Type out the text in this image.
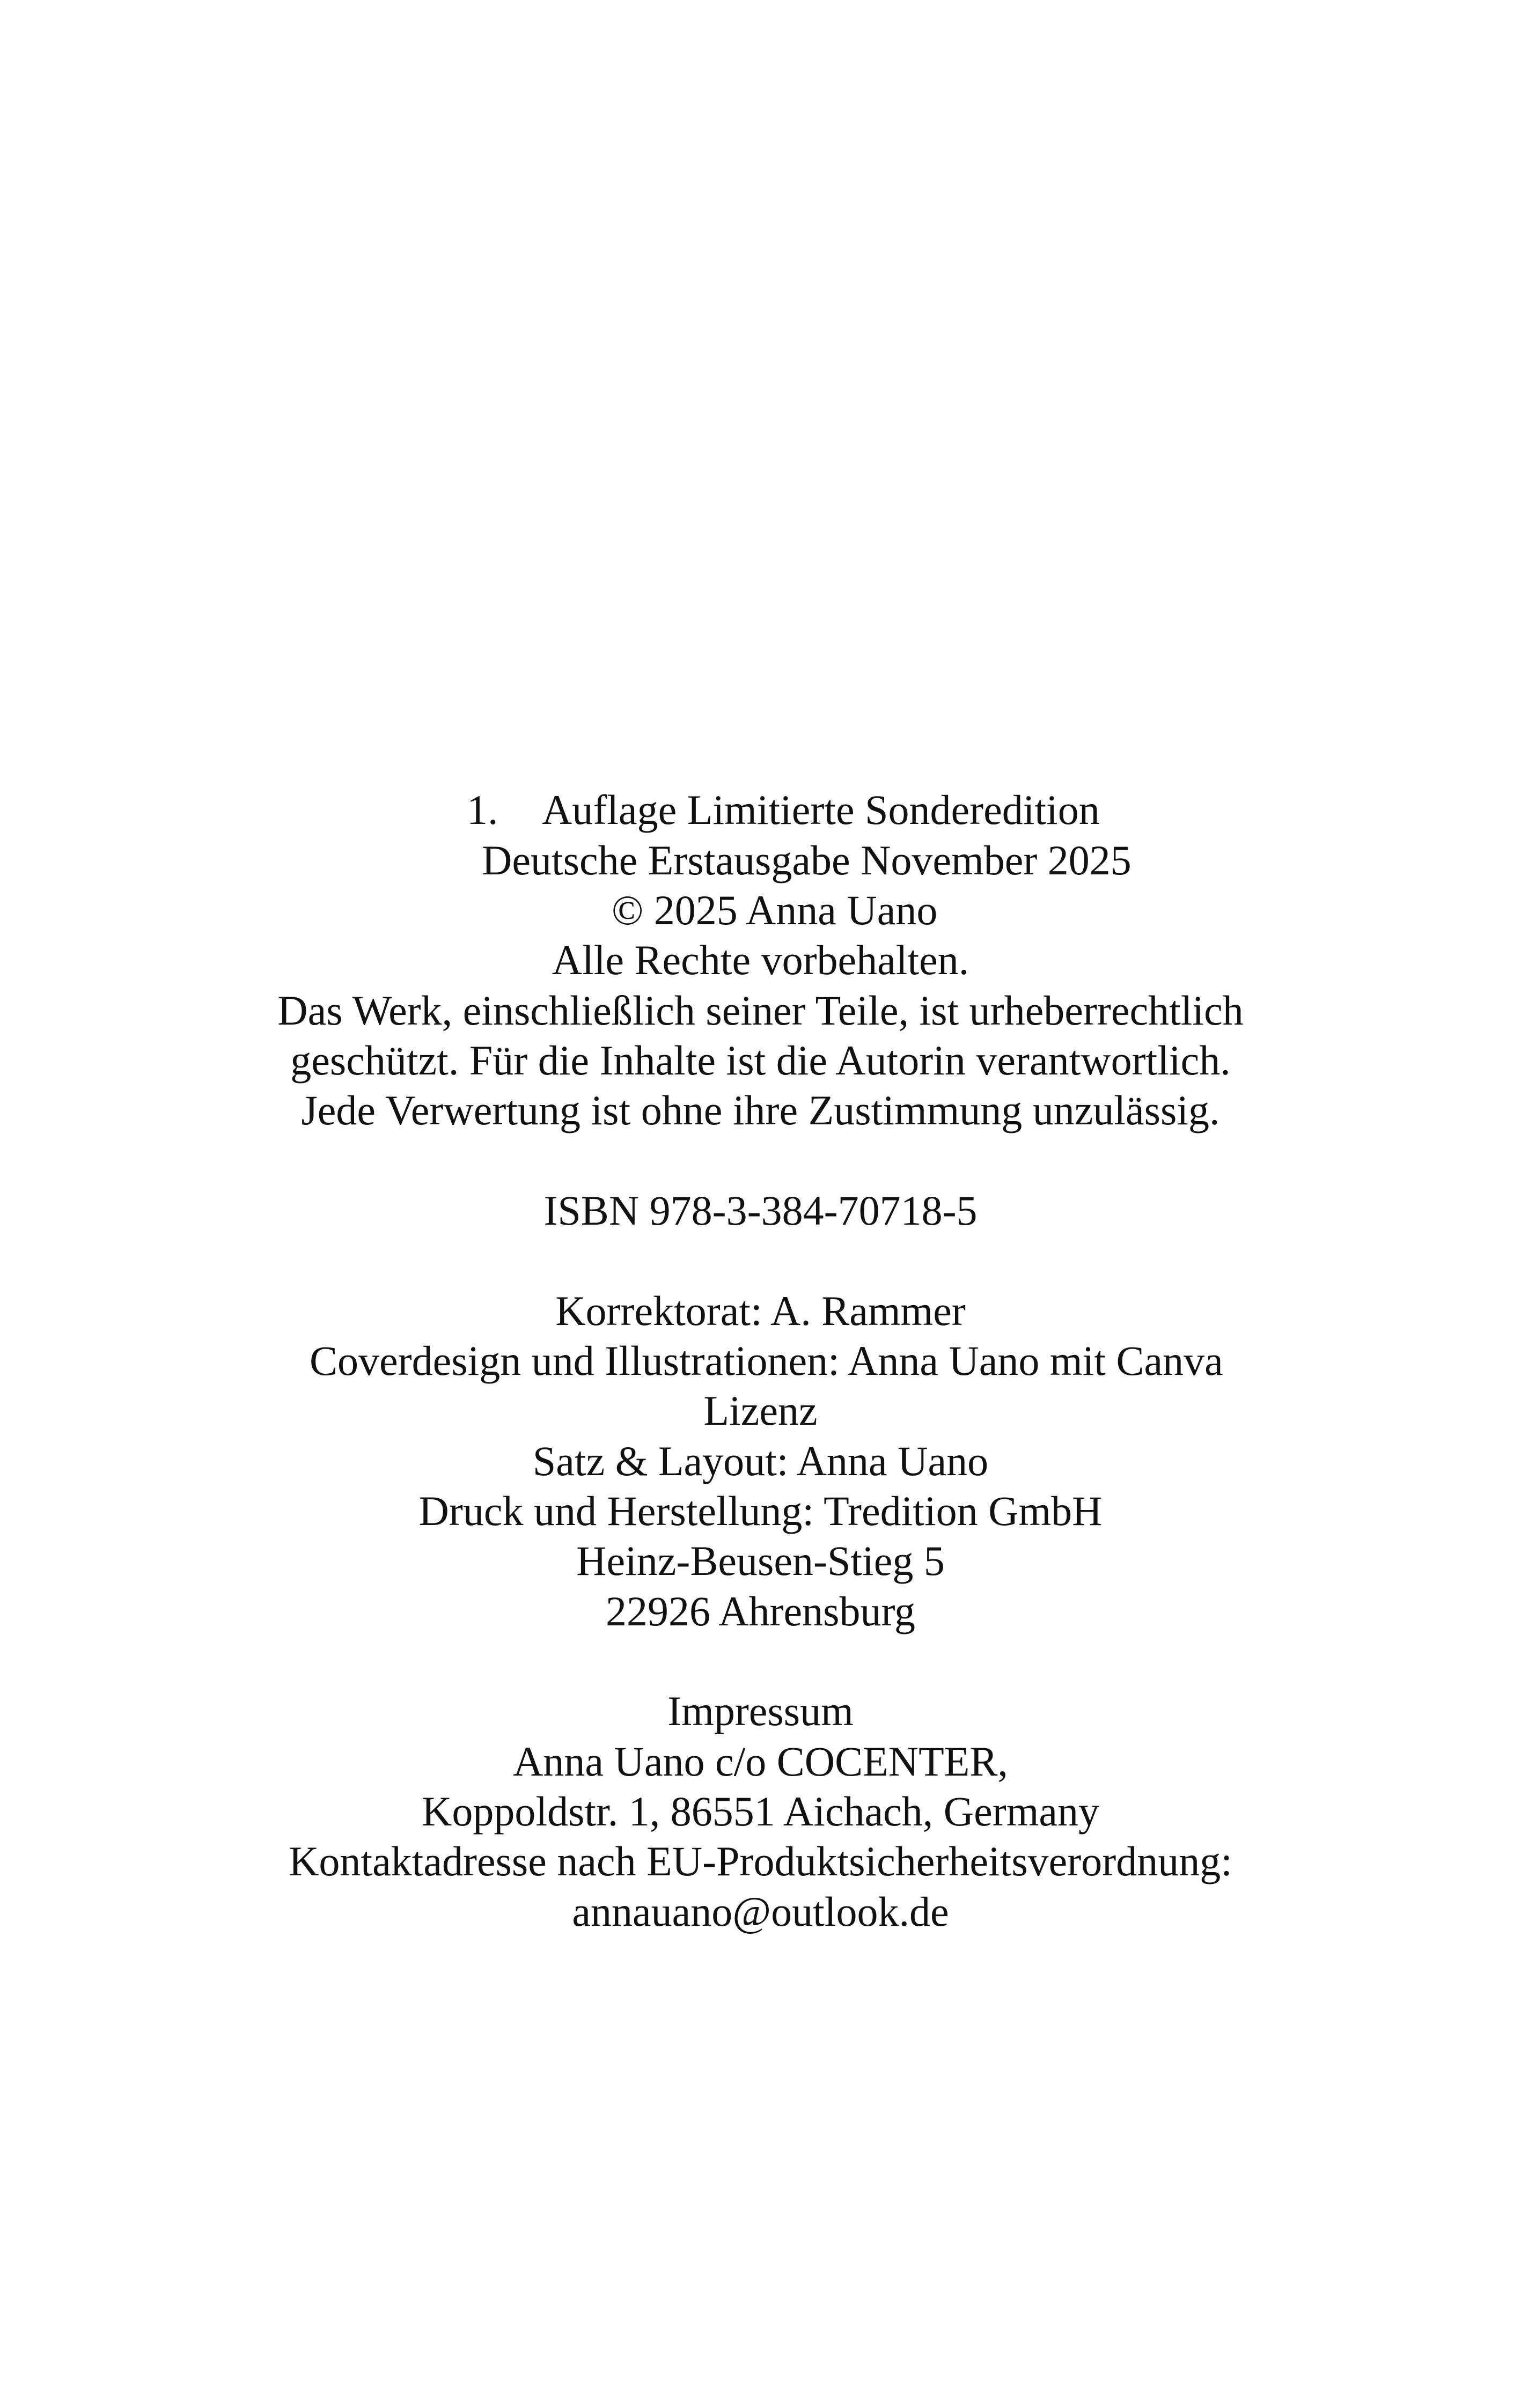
1. Auflage Limitierte Sonderedition
Deutsche Erstausgabe November 2025
© 2025 Anna Uano
Alle Rechte vorbehalten.
Das Werk, einschließlich seiner Teile, ist urheberrechtlich
geschützt. Für die Inhalte ist die Autorin verantwortlich.
Jede Verwertung ist ohne ihre Zustimmung unzulässig.
ISBN 978-3-384-70718-5
Korrektorat: A. Rammer
Coverdesign und Illustrationen: Anna Uano mit Canva
Lizenz
Satz & Layout: Anna Uano
Druck und Herstellung: Tredition GmbH
Heinz-Beusen-Stieg 5
22926 Ahrensburg
Impressum
Anna Uano c/o COCENTER,
Koppoldstr. 1, 86551 Aichach, Germany
Kontaktadresse nach EU-Produktsicherheitsverordnung:
annauano@outlook.de
